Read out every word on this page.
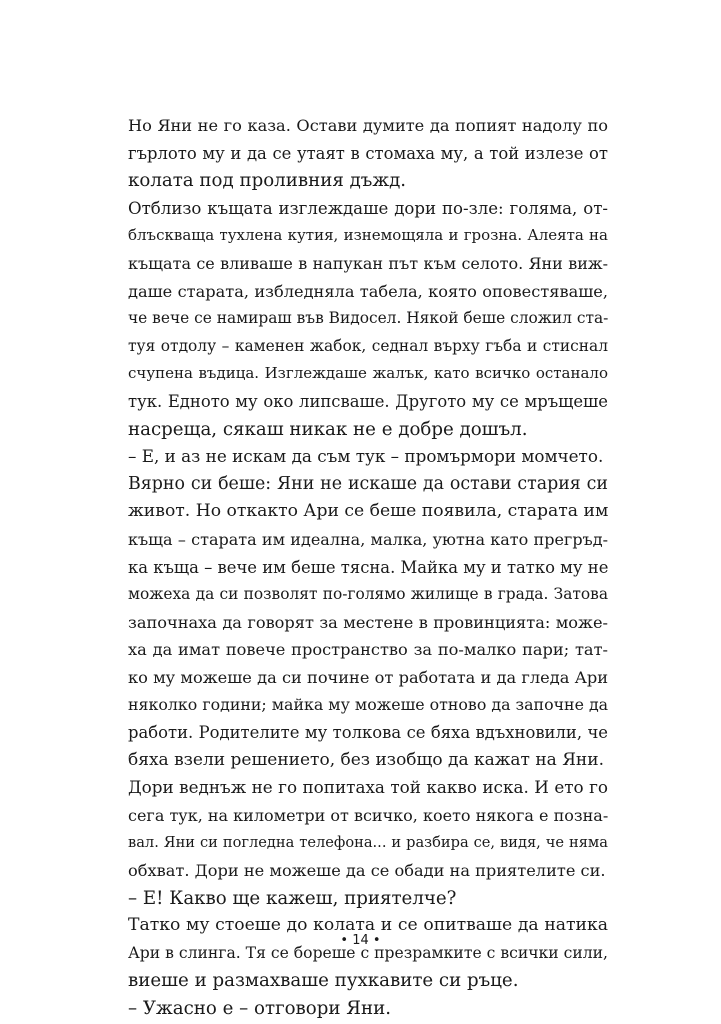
Но Яни не го каза. Остави думите да попият надолу по
гърлото му и да се утаят в стомаха му, а той излезе от
колата под проливния дъжд.
Отблизо къщата изглеждаше дори по-зле: голяма, от-
блъскваща тухлена кутия, изнемощяла и грозна. Алеята на
къщата се вливаше в напукан път към селото. Яни виж-
даше старата, избледняла табела, която оповестяваше,
че вече се намираш във Видосел. Някой беше сложил ста-
туя отдолу – каменен жабок, седнал върху гъба и стиснал
счупена въдица. Изглеждаше жалък, като всичко останало
тук. Едното му око липсваше. Другото му се мръщеше
насреща, сякаш никак не е добре дошъл.
– Е, и аз не искам да съм тук – промърмори момчето.
Вярно си беше: Яни не искаше да остави стария си
живот. Но откакто Ари се беше появила, старата им
къща – старата им идеална, малка, уютна като прегръд-
ка къща – вече им беше тясна. Майка му и татко му не
можеха да си позволят по-голямо жилище в града. Затова
започнаха да говорят за местене в провинцията: може-
ха да имат повече пространство за по-малко пари; тат-
ко му можеше да си почине от работата и да гледа Ари
няколко години; майка му можеше отново да започне да
работи. Родителите му толкова се бяха вдъхновили, че
бяха взели решението, без изобщо да кажат на Яни.
Дори веднъж не го попитаха той какво иска. И ето го
сега тук, на километри от всичко, което някога е позна-
вал. Яни си погледна телефона... и разбира се, видя, че няма
обхват. Дори не можеше да се обади на приятелите си.
– Е! Какво ще кажеш, приятелче?
Татко му стоеше до колата и се опитваше да натика
Ари в слинга. Тя се бореше с презрамките с всички сили,
виеше и размахваше пухкавите си ръце.
– Ужасно е – отговори Яни.
• 14 •
